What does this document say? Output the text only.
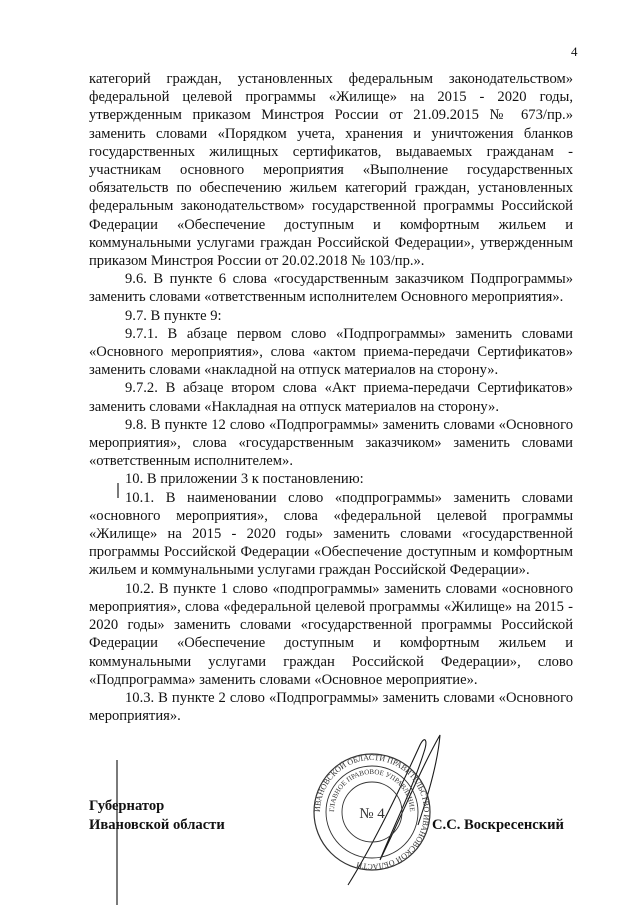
4

категорий граждан, установленных федеральным законодательством» федеральной целевой программы «Жилище» на 2015 - 2020 годы, утвержденным приказом Минстроя России от 21.09.2015 № 673/пр.» заменить словами «Порядком учета, хранения и уничтожения бланков государственных жилищных сертификатов, выдаваемых гражданам - участникам основного мероприятия «Выполнение государственных обязательств по обеспечению жильем категорий граждан, установленных федеральным законодательством» государственной программы Российской Федерации «Обеспечение доступным и комфортным жильем и коммунальными услугами граждан Российской Федерации», утвержденным приказом Минстроя России от 20.02.2018 № 103/пр.».

9.6. В пункте 6 слова «государственным заказчиком Подпрограммы» заменить словами «ответственным исполнителем Основного мероприятия».

9.7. В пункте 9:

9.7.1. В абзаце первом слово «Подпрограммы» заменить словами «Основного мероприятия», слова «актом приема-передачи Сертификатов» заменить словами «накладной на отпуск материалов на сторону».

9.7.2. В абзаце втором слова «Акт приема-передачи Сертификатов» заменить словами «Накладная на отпуск материалов на сторону».

9.8. В пункте 12 слово «Подпрограммы» заменить словами «Основного мероприятия», слова «государственным заказчиком» заменить словами «ответственным исполнителем».

10. В приложении 3 к постановлению:

10.1. В наименовании слово «подпрограммы» заменить словами «основного мероприятия», слова «федеральной целевой программы «Жилище» на 2015 - 2020 годы» заменить словами «государственной программы Российской Федерации «Обеспечение доступным и комфортным жильем и коммунальными услугами граждан Российской Федерации».

10.2. В пункте 1 слово «подпрограммы» заменить словами «основного мероприятия», слова «федеральной целевой программы «Жилище» на 2015 - 2020 годы» заменить словами «государственной программы Российской Федерации «Обеспечение доступным и комфортным жильем и коммунальными услугами граждан Российской Федерации», слово «Подпрограмма» заменить словами «Основное мероприятие».

10.3. В пункте 2 слово «Подпрограммы» заменить словами «Основного мероприятия».

ИВАНОВСКОЙ ОБЛАСТИ ПРАВИТЕЛЬСТВО ИВАНОВСКОЙ ОБЛАСТИ
ГЛАВНОЕ ПРАВОВОЕ УПРАВЛЕНИЕ
№ 4
Губернатор
Ивановской области	С.С. Воскресенский
